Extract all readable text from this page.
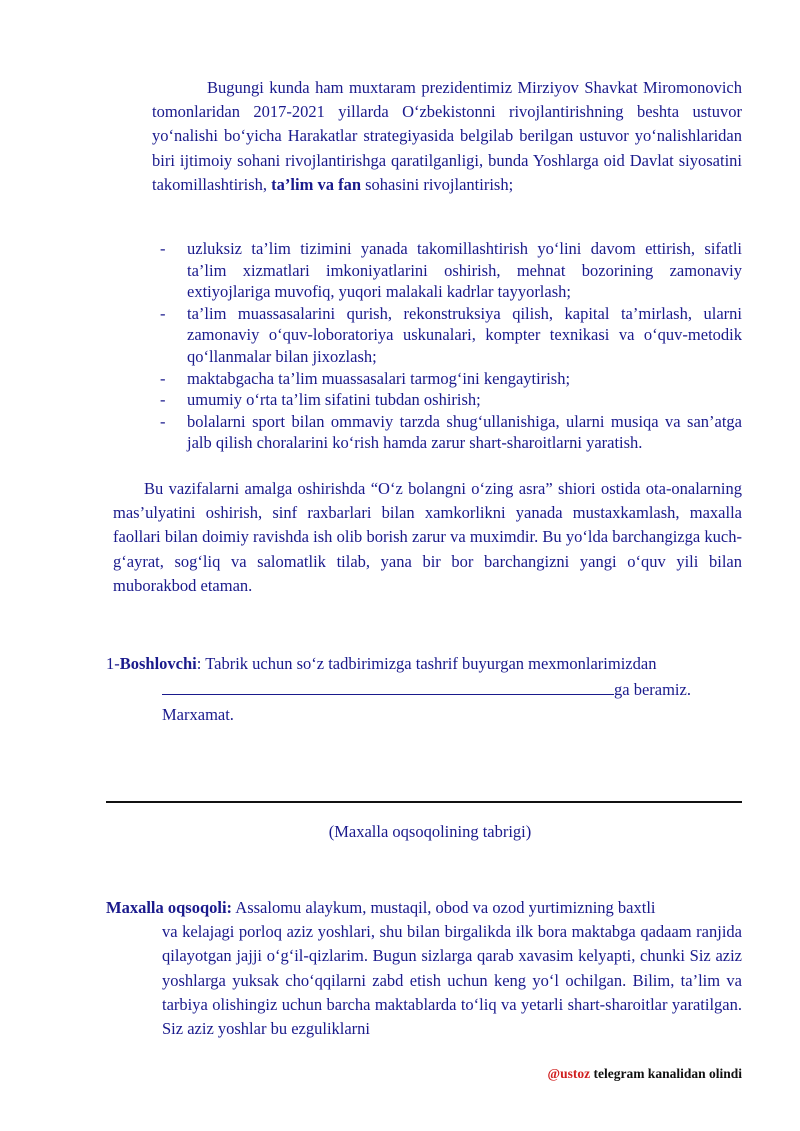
Bugungi kunda ham muxtaram prezidentimiz Mirziyov Shavkat Miromonovich tomonlaridan 2017-2021 yillarda O‘zbekistonni rivojlantirishning beshta ustuvor yo‘nalishi bo‘yicha Harakatlar strategiyasida belgilab berilgan ustuvor yo‘nalishlaridan biri ijtimoiy sohani rivojlantirishga qaratilganligi, bunda Yoshlarga oid Davlat siyosatini takomillashtirish, ta’lim va fan sohasini rivojlantirish;
- uzluksiz ta’lim tizimini yanada takomillashtirish yo‘lini davom ettirish, sifatli ta’lim xizmatlari imkoniyatlarini oshirish, mehnat bozorining zamonaviy extiyojlariga muvofiq, yuqori malakali kadrlar tayyorlash;
- ta’lim muassasalarini qurish, rekonstruksiya qilish, kapital ta’mirlash, ularni zamonaviy o‘quv-loboratoriya uskunalari, kompter texnikasi va o‘quv-metodik qo‘llanmalar bilan jixozlash;
- maktabgacha ta’lim muassasalari tarmog‘ini kengaytirish;
- umumiy o‘rta ta’lim sifatini tubdan oshirish;
- bolalarni sport bilan ommaviy tarzda shug‘ullanishiga, ularni musiqa va san’atga jalb qilish choralarini ko‘rish hamda zarur shart-sharoitlarni yaratish.
Bu vazifalarni amalga oshirishda “O‘z bolangni o‘zing asra” shiori ostida ota-onalarning mas’ulyatini oshirish, sinf raxbarlari bilan xamkorlikni yanada mustaxkamlash, maxalla faollari bilan doimiy ravishda ish olib borish zarur va muximdir. Bu yo‘lda barchangizga kuch-g‘ayrat, sog‘liq va salomatlik tilab, yana bir bor barchangizni yangi o‘quv yili bilan muborakbod etaman.
1-Boshlovchi: Tabrik uchun so‘z tadbirimizga tashrif buyurgan mexmonlarimizdan
ga beramiz.
Marxamat.
(Maxalla oqsoqolining tabrigi)
Maxalla oqsoqoli: Assalomu alaykum, mustaqil, obod va ozod yurtimizning baxtli
va kelajagi porloq aziz yoshlari, shu bilan birgalikda ilk bora maktabga qadaam ranjida qilayotgan jajji o‘g‘il-qizlarim. Bugun sizlarga qarab xavasim kelyapti, chunki Siz aziz yoshlarga yuksak cho‘qqilarni zabd etish uchun keng yo‘l ochilgan. Bilim, ta’lim va tarbiya olishingiz uchun barcha maktablarda to‘liq va yetarli shart-sharoitlar yaratilgan. Siz aziz yoshlar bu ezguliklarni
@ustoz telegram kanalidan olindi
